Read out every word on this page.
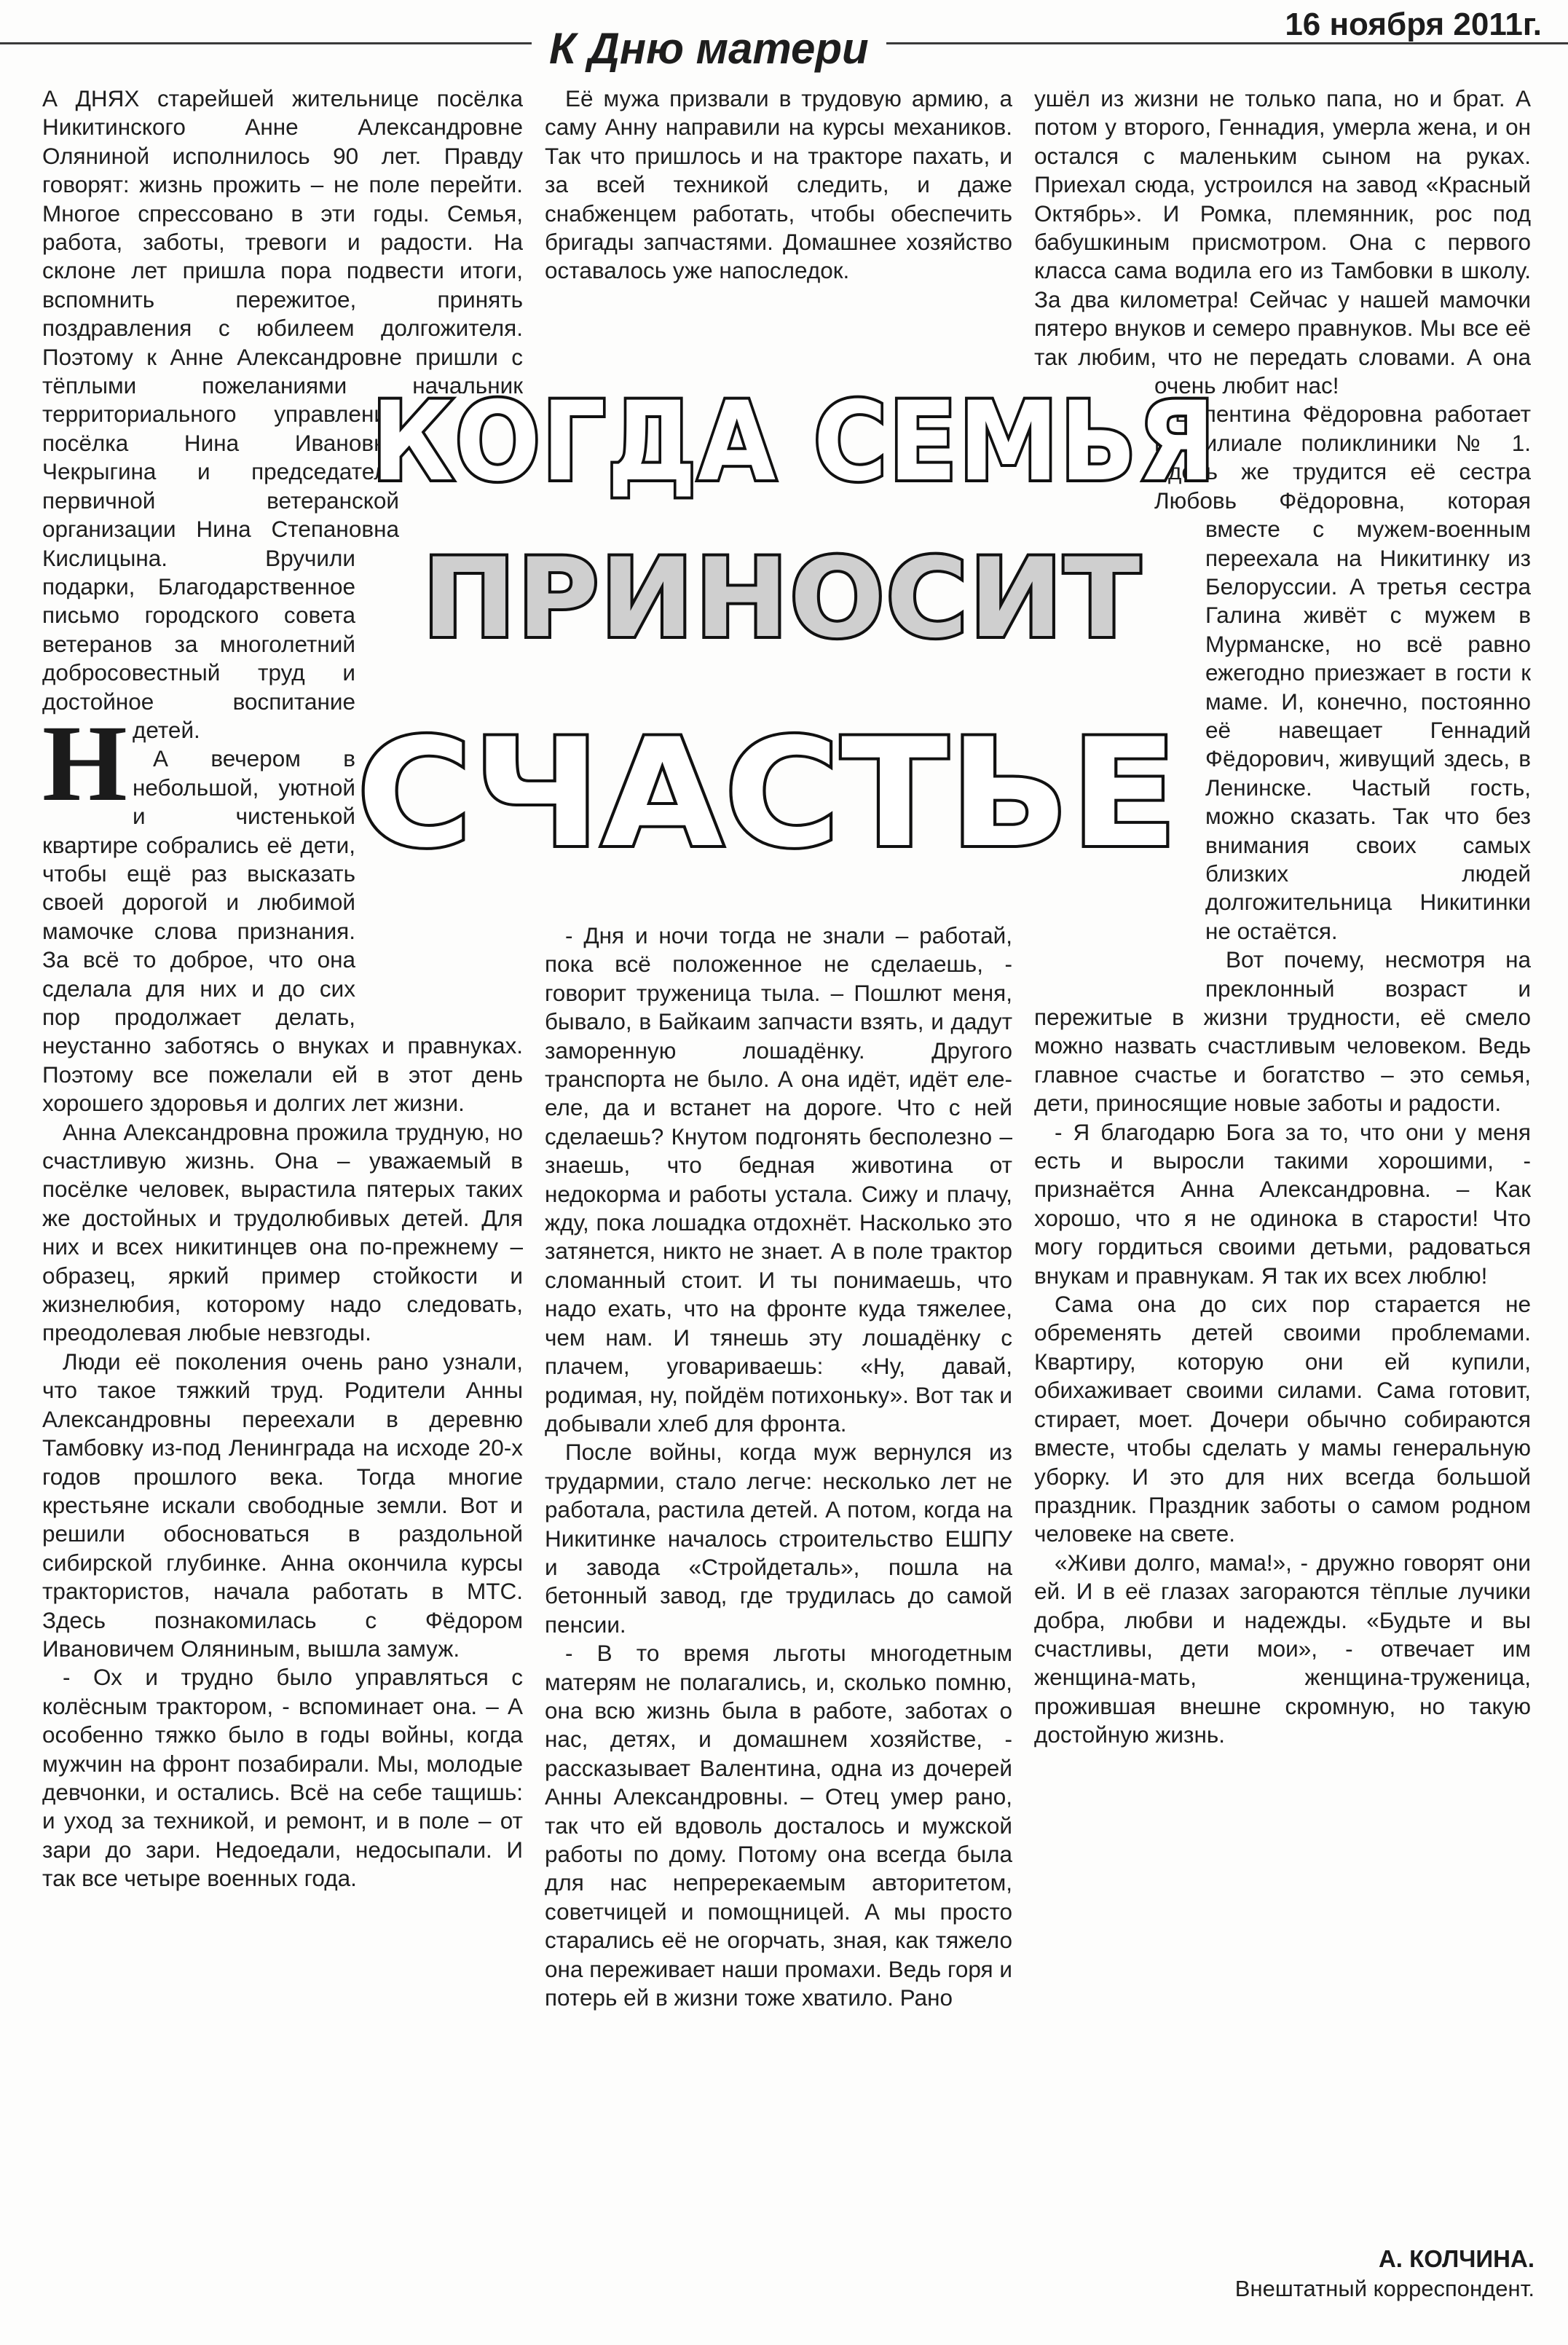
К Дню матери	16 ноября 2011г.
Н

А ДНЯХ старейшей жительнице посёлка Никитинского Анне Александровне Оляниной исполнилось 90 лет. Правду говорят: жизнь прожить – не поле перейти. Многое спрессовано в эти годы. Семья, работа, заботы, тревоги и радости. На склоне лет пришла пора подвести итоги, вспомнить пережитое, принять поздравления с юбилеем долгожителя. Поэтому к Анне Александровне пришли с тёплыми пожеланиями начальник территориального управления посёлка Нина Ивановна Чекрыгина и председатель первичной ветеранской организации Нина Степановна Кислицына. Вручили подарки, Благодарственное письмо городского совета ветеранов за многолетний добросовестный труд и достойное воспитание детей.

А вечером в небольшой, уютной и чистенькой квартире собрались её дети, чтобы ещё раз высказать своей дорогой и любимой мамочке слова признания. За всё то доброе, что она сделала для них и до сих пор продолжает делать, неустанно заботясь о внуках и правнуках. Поэтому все пожелали ей в этот день хорошего здоровья и долгих лет жизни.

Анна Александровна прожила трудную, но счастливую жизнь. Она – уважаемый в посёлке человек, вырастила пятерых таких же достойных и трудолюбивых детей. Для них и всех никитинцев она по-прежнему – образец, яркий пример стойкости и жизнелюбия, которому надо следовать, преодолевая любые невзгоды.

Люди её поколения очень рано узнали, что такое тяжкий труд. Родители Анны Александровны переехали в деревню Тамбовку из-под Ленинграда на исходе 20-х годов прошлого века. Тогда многие крестьяне искали свободные земли. Вот и решили обосноваться в раздольной сибирской глубинке. Анна окончила курсы трактористов, начала работать в МТС. Здесь познакомилась с Фёдором Ивановичем Оляниным, вышла замуж.

- Ох и трудно было управляться с колёсным трактором, - вспоминает она. – А особенно тяжко было в годы войны, когда мужчин на фронт позабирали. Мы, молодые девчонки, и остались. Всё на себе тащишь: и уход за техникой, и ремонт, и в поле – от зари до зари. Недоедали, недосыпали. И так все четыре военных года.

Её мужа призвали в трудовую армию, а саму Анну направили на курсы механиков. Так что пришлось и на тракторе пахать, и за всей техникой следить, и даже снабженцем работать, чтобы обеспечить бригады запчастями. Домашнее хозяйство оставалось уже напоследок.

- Дня и ночи тогда не знали – работай, пока всё положенное не сделаешь, - говорит труженица тыла. – Пошлют меня, бывало, в Байкаим запчасти взять, и дадут заморенную лошадёнку. Другого транспорта не было. А она идёт, идёт еле-еле, да и встанет на дороге. Что с ней сделаешь? Кнутом подгонять бесполезно – знаешь, что бедная животина от недокорма и работы устала. Сижу и плачу, жду, пока лошадка отдохнёт. Насколько это затянется, никто не знает. А в поле трактор сломанный стоит. И ты понимаешь, что надо ехать, что на фронте куда тяжелее, чем нам. И тянешь эту лошадёнку с плачем, уговариваешь: «Ну, давай, родимая, ну, пойдём потихоньку». Вот так и добывали хлеб для фронта.

После войны, когда муж вернулся из трудармии, стало легче: несколько лет не работала, растила детей. А потом, когда на Никитинке началось строительство ЕШПУ и завода «Стройдеталь», пошла на бетонный завод, где трудилась до самой пенсии.

- В то время льготы многодетным матерям не полагались, и, сколько помню, она всю жизнь была в работе, заботах о нас, детях, и домашнем хозяйстве, - рассказывает Валентина, одна из дочерей Анны Александровны. – Отец умер рано, так что ей вдоволь досталось и мужской работы по дому. Потому она всегда была для нас непререкаемым авторитетом, советчицей и помощницей. А мы просто старались её не огорчать, зная, как тяжело она переживает наши промахи. Ведь горя и потерь ей в жизни тоже хватило. Рано

ушёл из жизни не только папа, но и брат. А потом у второго, Геннадия, умерла жена, и он остался с маленьким сыном на руках. Приехал сюда, устроился на завод «Красный Октябрь». И Ромка, племянник, рос под бабушкиным присмотром. Она с первого класса сама водила его из Тамбовки в школу. За два километра! Сейчас у нашей мамочки пятеро внуков и семеро правнуков. Мы все её так любим, что не передать словами. А она очень любит нас!

Валентина Фёдоровна работает в филиале поликлиники № 1. Здесь же трудится её сестра Любовь Фёдоровна, которая вместе с мужем-военным переехала на Никитинку из Белоруссии. А третья сестра Галина живёт с мужем в Мурманске, но всё равно ежегодно приезжает в гости к маме. И, конечно, постоянно её навещает Геннадий Фёдорович, живущий здесь, в Ленинске. Частый гость, можно сказать. Так что без внимания своих самых близких людей долгожительница Никитинки не остаётся.

Вот почему, несмотря на преклонный возраст и пережитые в жизни трудности, её смело можно назвать счастливым человеком. Ведь главное счастье и богатство – это семья, дети, приносящие новые заботы и радости.

- Я благодарю Бога за то, что они у меня есть и выросли такими хорошими, - признаётся Анна Александровна. – Как хорошо, что я не одинока в старости! Что могу гордиться своими детьми, радоваться внукам и правнукам. Я так их всех люблю!

Сама она до сих пор старается не обременять детей своими проблемами. Квартиру, которую они ей купили, обихаживает своими силами. Сама готовит, стирает, моет. Дочери обычно собираются вместе, чтобы сделать у мамы генеральную уборку. И это для них всегда большой праздник. Праздник заботы о самом родном человеке на свете.

«Живи долго, мама!», - дружно говорят они ей. И в её глазах загораются тёплые лучики добра, любви и надежды. «Будьте и вы счастливы, дети мои», - отвечает им женщина-мать, женщина-труженица, прожившая внешне скромную, но такую достойную жизнь.

КОГДА СЕМЬЯ
ПРИНОСИТ
СЧАСТЬЕ
А. КОЛЧИНА.
Внештатный корреспондент.
